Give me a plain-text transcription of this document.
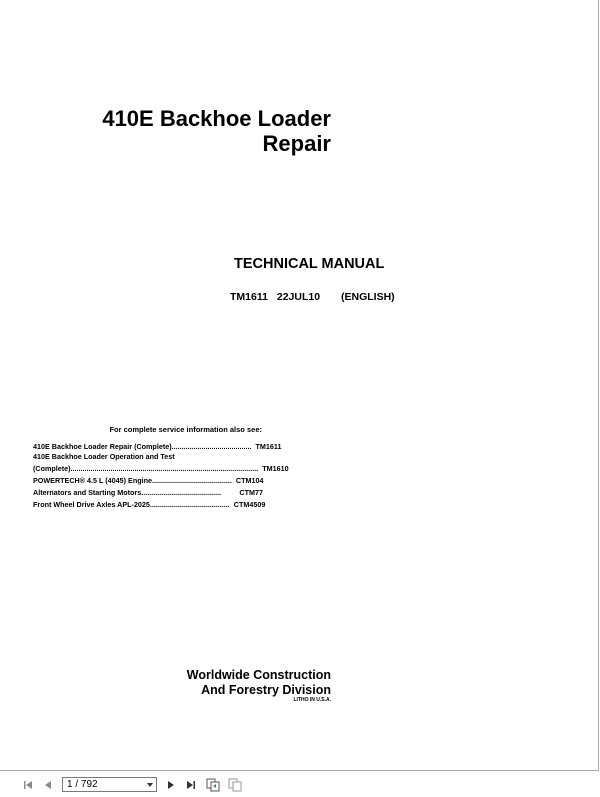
410E Backhoe Loader
Repair
TECHNICAL MANUAL
TM1611 22JUL10 (ENGLISH)
For complete service information also see:
410E Backhoe Loader Repair (Complete) ........................................ TM1611
410E Backhoe Loader Operation and Test
(Complete) .............................................................................................. TM1610
POWERTECH® 4.5 L (4045) Engine ........................................ CTM104
Alternators and Starting Motors ........................................	CTM77
Front Wheel Drive Axles APL-2025 ........................................ CTM4509
Worldwide Construction
And Forestry Division
LITHO IN U.S.A.
1 / 792
